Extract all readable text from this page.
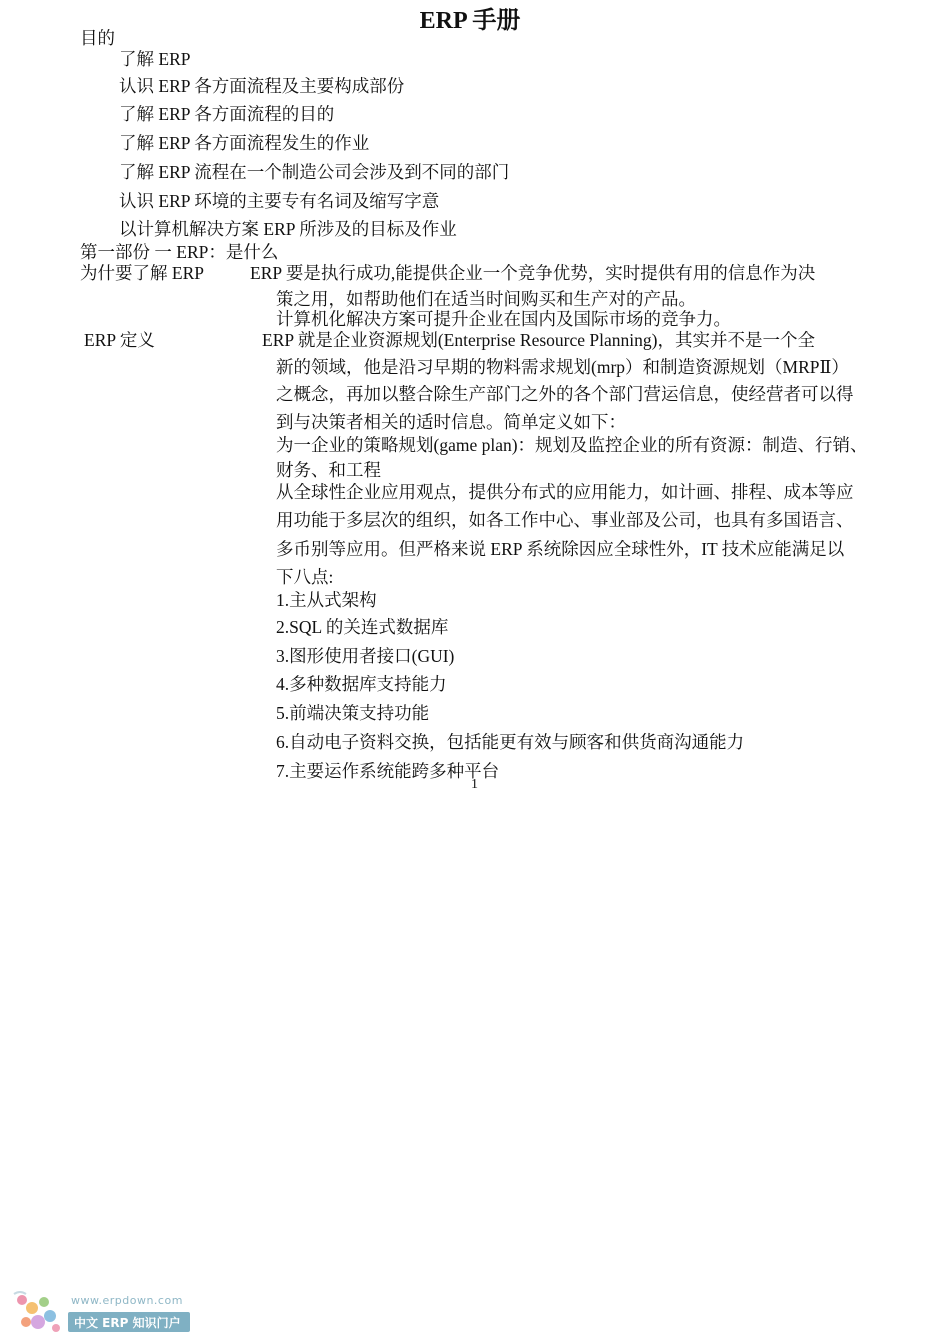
ERP 手册
目的
了解 ERP
认识 ERP 各方面流程及主要构成部份
了解 ERP 各方面流程的目的
了解 ERP 各方面流程发生的作业
了解 ERP 流程在一个制造公司会涉及到不同的部门
认识 ERP 环境的主要专有名词及缩写字意
以计算机解决方案 ERP 所涉及的目标及作业
第一部份 一 ERP：是什么
为什要了解 ERP	ERP 要是执行成功,能提供企业一个竞争优势，实时提供有用的信息作为决
策之用，如帮助他们在适当时间购买和生产对的产品。
计算机化解决方案可提升企业在国内及国际市场的竞争力。
ERP 定义	ERP 就是企业资源规划(Enterprise Resource Planning)，其实并不是一个全
新的领域，他是沿习早期的物料需求规划(mrp）和制造资源规划（MRPⅡ）
之概念，再加以整合除生产部门之外的各个部门营运信息，使经营者可以得
到与决策者相关的适时信息。简单定义如下：
为一企业的策略规划(game plan)：规划及监控企业的所有资源：制造、行销、
财务、和工程
从全球性企业应用观点，提供分布式的应用能力，如计画、排程、成本等应
用功能于多层次的组织，如各工作中心、事业部及公司，也具有多国语言、
多币别等应用。但严格来说 ERP 系统除因应全球性外，IT 技术应能满足以
下八点:
1.主从式架构
2.SQL 的关连式数据库
3.图形使用者接口(GUI)
4.多种数据库支持能力
5.前端决策支持功能
6.自动电子资料交换，包括能更有效与顾客和供货商沟通能力
7.主要运作系统能跨多种平台
1
www.erpdown.com
中文 ERP 知识门户
